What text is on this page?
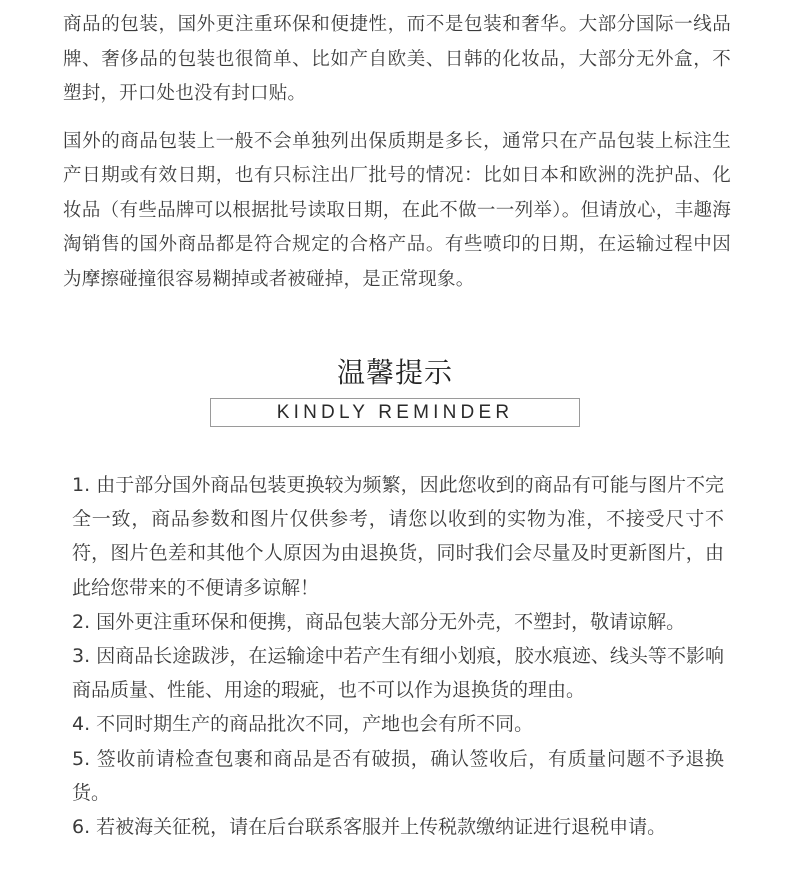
商品的包装，国外更注重环保和便捷性，而不是包装和奢华。大部分国际一线品牌、奢侈品的包装也很简单、比如产自欧美、日韩的化妆品，大部分无外盒，不塑封，开口处也没有封口贴。

国外的商品包装上一般不会单独列出保质期是多长，通常只在产品包装上标注生产日期或有效日期，也有只标注出厂批号的情况：比如日本和欧洲的洗护品、化妆品（有些品牌可以根据批号读取日期，在此不做一一列举）。但请放心，丰趣海淘销售的国外商品都是符合规定的合格产品。有些喷印的日期，在运输过程中因为摩擦碰撞很容易糊掉或者被碰掉，是正常现象。

温馨提示
KINDLY REMINDER

1. 由于部分国外商品包装更换较为频繁，因此您收到的商品有可能与图片不完全一致，商品参数和图片仅供参考，请您以收到的实物为准，不接受尺寸不符，图片色差和其他个人原因为由退换货，同时我们会尽量及时更新图片，由此给您带来的不便请多谅解！

2. 国外更注重环保和便携，商品包装大部分无外壳，不塑封，敬请谅解。

3. 因商品长途跋涉，在运输途中若产生有细小划痕，胶水痕迹、线头等不影响商品质量、性能、用途的瑕疵，也不可以作为退换货的理由。

4. 不同时期生产的商品批次不同，产地也会有所不同。

5. 签收前请检查包裹和商品是否有破损，确认签收后，有质量问题不予退换货。

6. 若被海关征税，请在后台联系客服并上传税款缴纳证进行退税申请。
